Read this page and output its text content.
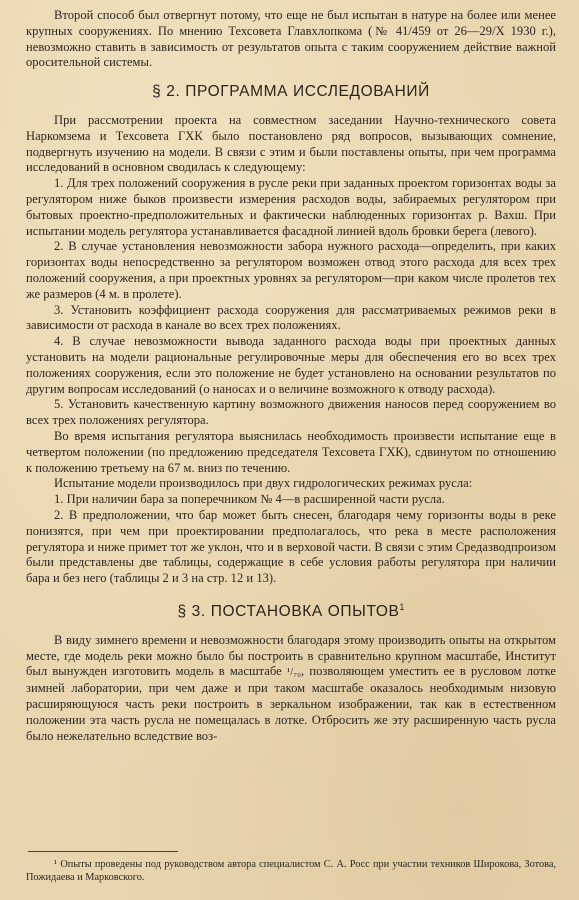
Второй способ был отвергнут потому, что еще не был испытан в натуре на более или менее крупных сооружениях. По мнению Техсовета Главхлопкома (№ 41/459 от 26—29/Х 1930 г.), невозможно ставить в зависимость от результатов опыта с таким сооружением действие важной оросительной системы.

§ 2. ПРОГРАММА ИССЛЕДОВАНИЙ

При рассмотрении проекта на совместном заседании Научно-технического совета Наркомзема и Техсовета ГХК было постановлено ряд вопросов, вызывающих сомнение, подвергнуть изучению на модели. В связи с этим и были поставлены опыты, при чем программа исследований в основном сводилась к следующему:

1. Для трех положений сооружения в русле реки при заданных проектом горизонтах воды за регулятором ниже быков произвести измерения расходов воды, забираемых регулятором при бытовых проектно-предположительных и фактически наблюденных горизонтах р. Вахш. При испытании модель регулятора устанавливается фасадной линией вдоль бровки берега (левого).

2. В случае установления невозможности забора нужного расхода—определить, при каких горизонтах воды непосредственно за регулятором возможен отвод этого расхода для всех трех положений сооружения, а при проектных уровнях за регулятором—при каком числе пролетов тех же размеров (4 м. в пролете).

3. Установить коэффициент расхода сооружения для рассматриваемых режимов реки в зависимости от расхода в канале во всех трех положениях.

4. В случае невозможности вывода заданного расхода воды при проектных данных установить на модели рациональные регулировочные меры для обеспечения его во всех трех положениях сооружения, если это положение не будет установлено на основании результатов по другим вопросам исследований (о наносах и о величине возможного к отводу расхода).

5. Установить качественную картину возможного движения наносов перед сооружением во всех трех положениях регулятора.

Во время испытания регулятора выяснилась необходимость произвести испытание еще в четвертом положении (по предложению председателя Техсовета ГХК), сдвинутом по отношению к положению третьему на 67 м. вниз по течению.

Испытание модели производилось при двух гидрологических режимах русла:

1. При наличии бара за поперечником № 4—в расширенной части русла.

2. В предположении, что бар может быть снесен, благодаря чему горизонты воды в реке понизятся, при чем при проектировании предполагалось, что река в месте расположения регулятора и ниже примет тот же уклон, что и в верховой части. В связи с этим Средазводпроизом были представлены две таблицы, содержащие в себе условия работы регулятора при наличии бара и без него (таблицы 2 и 3 на стр. 12 и 13).

§ 3. ПОСТАНОВКА ОПЫТОВ$^1$

В виду зимнего времени и невозможности благодаря этому производить опыты на открытом месте, где модель реки можно было бы построить в сравнительно крупном масштабе, Институт был вынужден изготовить модель в масштабе ¹/₇₀, позволяющем уместить ее в русловом лотке зимней лаборатории, при чем даже и при таком масштабе оказалось необходимым низовую расширяющуюся часть реки построить в зеркальном изображении, так как в естественном положении эта часть русла не помещалась в лотке. Отбросить же эту расширенную часть русла было нежелательно вследствие воз-

¹ Опыты проведены под руководством автора специалистом С. А. Росс при участии техников Широкова, Зотова, Пожидаева и Марковского.
